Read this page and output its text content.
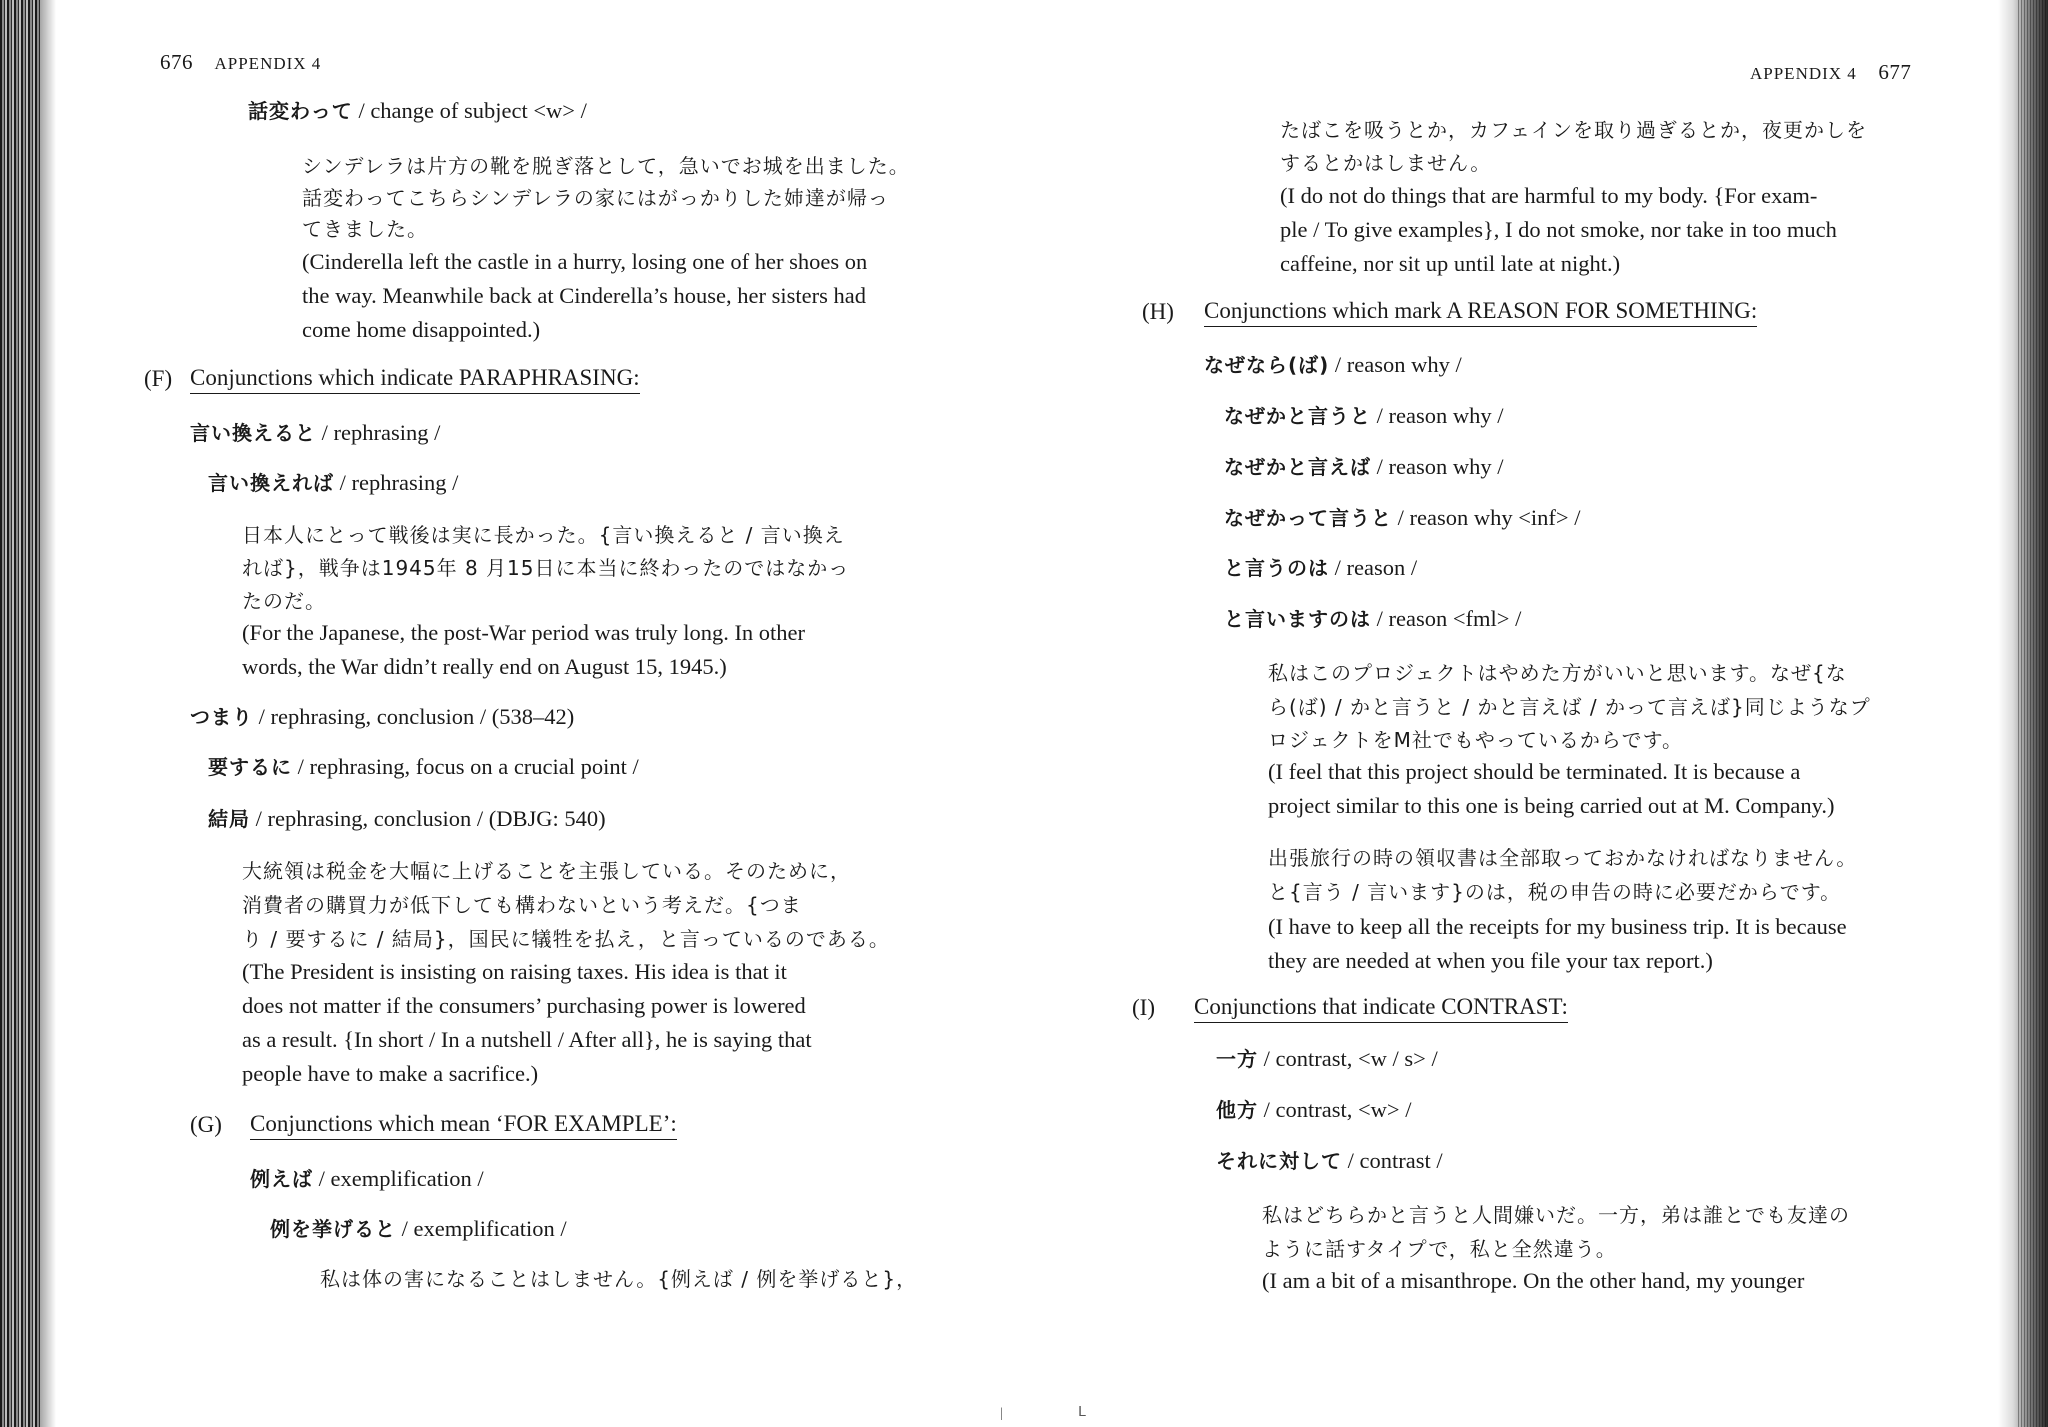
676 APPENDIX 4
話変わって / change of subject <w> /
シンデレラは片方の靴を脱ぎ落として，急いでお城を出ました。
話変わってこちらシンデレラの家にはがっかりした姉達が帰っ
てきました。
(Cinderella left the castle in a hurry, losing one of her shoes on
the way. Meanwhile back at Cinderella’s house, her sisters had
come home disappointed.)
(F) Conjunctions which indicate PARAPHRASING:
言い換えると / rephrasing /
言い換えれば / rephrasing /
日本人にとって戦後は実に長かった。{言い換えると / 言い換え
れば}，戦争は1945年 8 月15日に本当に終わったのではなかっ
たのだ。
(For the Japanese, the post-War period was truly long. In other
words, the War didn’t really end on August 15, 1945.)
つまり / rephrasing, conclusion / (538–42)
要するに / rephrasing, focus on a crucial point /
結局 / rephrasing, conclusion / (DBJG: 540)
大統領は税金を大幅に上げることを主張している。そのために，
消費者の購買力が低下しても構わないという考えだ。{つま
り / 要するに / 結局}，国民に犠牲を払え，と言っているのである。
(The President is insisting on raising taxes. His idea is that it
does not matter if the consumers’ purchasing power is lowered
as a result. {In short / In a nutshell / After all}, he is saying that
people have to make a sacrifice.)
(G) Conjunctions which mean ‘FOR EXAMPLE’:
例えば / exemplification /
例を挙げると / exemplification /
私は体の害になることはしません。{例えば / 例を挙げると}，
APPENDIX 4 677
たばこを吸うとか，カフェインを取り過ぎるとか，夜更かしを
するとかはしません。
(I do not do things that are harmful to my body. {For exam-
ple / To give examples}, I do not smoke, nor take in too much
caffeine, nor sit up until late at night.)
(H) Conjunctions which mark A REASON FOR SOMETHING:
なぜなら(ば) / reason why /
なぜかと言うと / reason why /
なぜかと言えば / reason why /
なぜかって言うと / reason why <inf> /
と言うのは / reason /
と言いますのは / reason <fml> /
私はこのプロジェクトはやめた方がいいと思います。なぜ{な
ら(ば) / かと言うと / かと言えば / かって言えば}同じようなプ
ロジェクトをM社でもやっているからです。
(I feel that this project should be terminated. It is because a
project similar to this one is being carried out at M. Company.)
出張旅行の時の領収書は全部取っておかなければなりません。
と{言う / 言います}のは，税の申告の時に必要だからです。
(I have to keep all the receipts for my business trip. It is because
they are needed at when you file your tax report.)
(I) Conjunctions that indicate CONTRAST:
一方 / contrast, <w / s> /
他方 / contrast, <w> /
それに対して / contrast /
私はどちらかと言うと人間嫌いだ。一方，弟は誰とでも友達の
ように話すタイプで，私と全然違う。
(I am a bit of a misanthrope. On the other hand, my younger
|	ᒪ
